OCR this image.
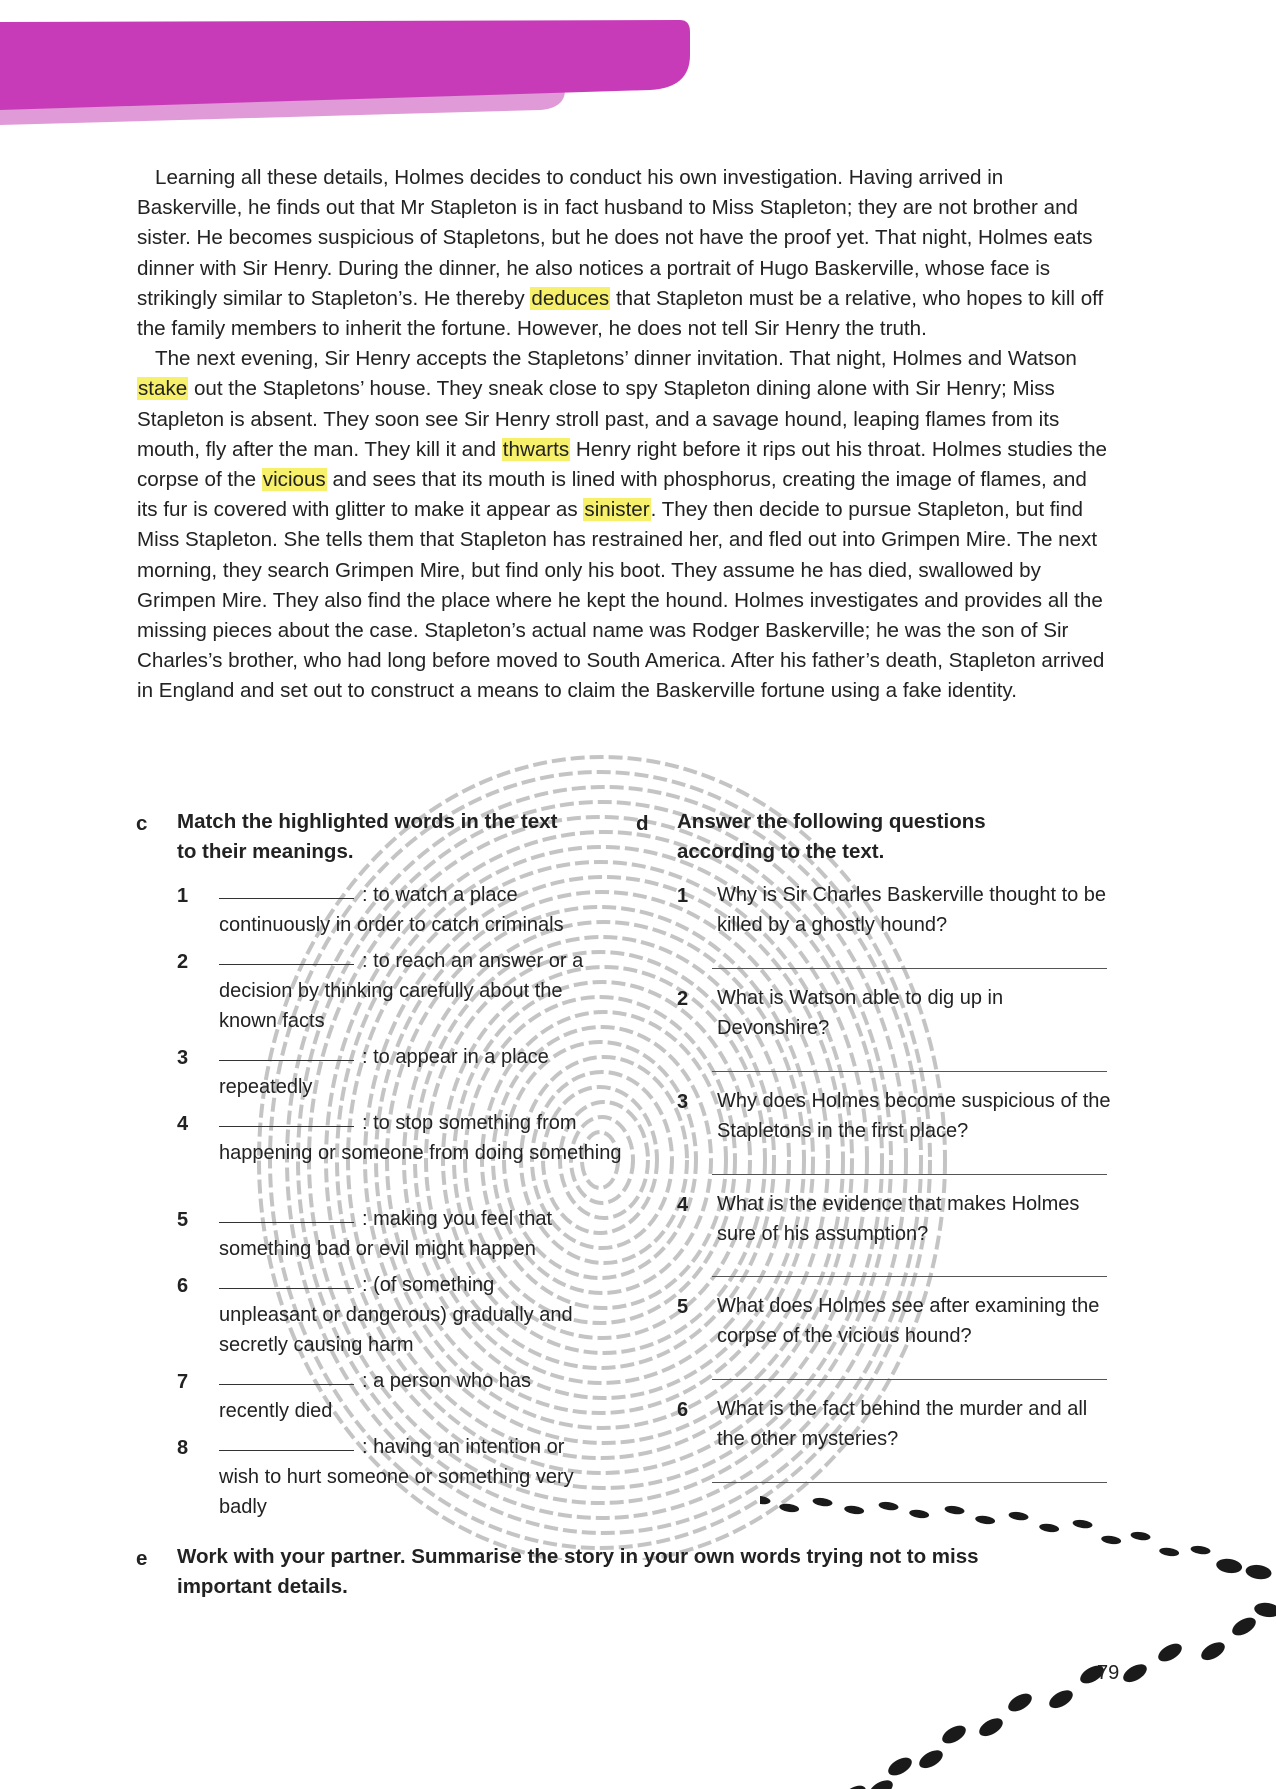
Learning all these details, Holmes decides to conduct his own investigation. Having arrived in Baskerville, he finds out that Mr Stapleton is in fact husband to Miss Stapleton; they are not brother and sister. He becomes suspicious of Stapletons, but he does not have the proof yet. That night, Holmes eats dinner with Sir Henry. During the dinner, he also notices a portrait of Hugo Baskerville, whose face is strikingly similar to Stapleton’s. He thereby deduces that Stapleton must be a relative, who hopes to kill off the family members to inherit the fortune. However, he does not tell Sir Henry the truth.

The next evening, Sir Henry accepts the Stapletons’ dinner invitation. That night, Holmes and Watson stake out the Stapletons’ house. They sneak close to spy Stapleton dining alone with Sir Henry; Miss Stapleton is absent. They soon see Sir Henry stroll past, and a savage hound, leaping flames from its mouth, fly after the man. They kill it and thwarts Henry right before it rips out his throat. Holmes studies the corpse of the vicious and sees that its mouth is lined with phosphorus, creating the image of flames, and its fur is covered with glitter to make it appear as sinister. They then decide to pursue Stapleton, but find Miss Stapleton. She tells them that Stapleton has restrained her, and fled out into Grimpen Mire. The next morning, they search Grimpen Mire, but find only his boot. They assume he has died, swallowed by Grimpen Mire. They also find the place where he kept the hound. Holmes investigates and provides all the missing pieces about the case. Stapleton’s actual name was Rodger Baskerville; he was the son of Sir Charles’s brother, who had long before moved to South America. After his father’s death, Stapleton arrived in England and set out to construct a means to claim the Baskerville fortune using a fake identity.

c Match the highlighted words in the text
to their meanings.
1	: to watch a place
continuously in order to catch criminals
2	: to reach an answer or a
decision by thinking carefully about the known facts
3	: to appear in a place
repeatedly
4	: to stop something from
happening or someone from doing something
5	: making you feel that
something bad or evil might happen
6	: (of something
unpleasant or dangerous) gradually and secretly causing harm
7	: a person who has
recently died
8	: having an intention or
wish to hurt someone or something very badly
d Answer the following questions
according to the text.
1 Why is Sir Charles Baskerville thought to be killed by a ghostly hound?
2 What is Watson able to dig up in Devonshire?
3 Why does Holmes become suspicious of the Stapletons in the first place?
4 What is the evidence that makes Holmes sure of his assumption?
5 What does Holmes see after examining the corpse of the vicious hound?
6 What is the fact behind the murder and all the other mysteries?
e Work with your partner. Summarise the story in your own words trying not to miss
important details.
79
